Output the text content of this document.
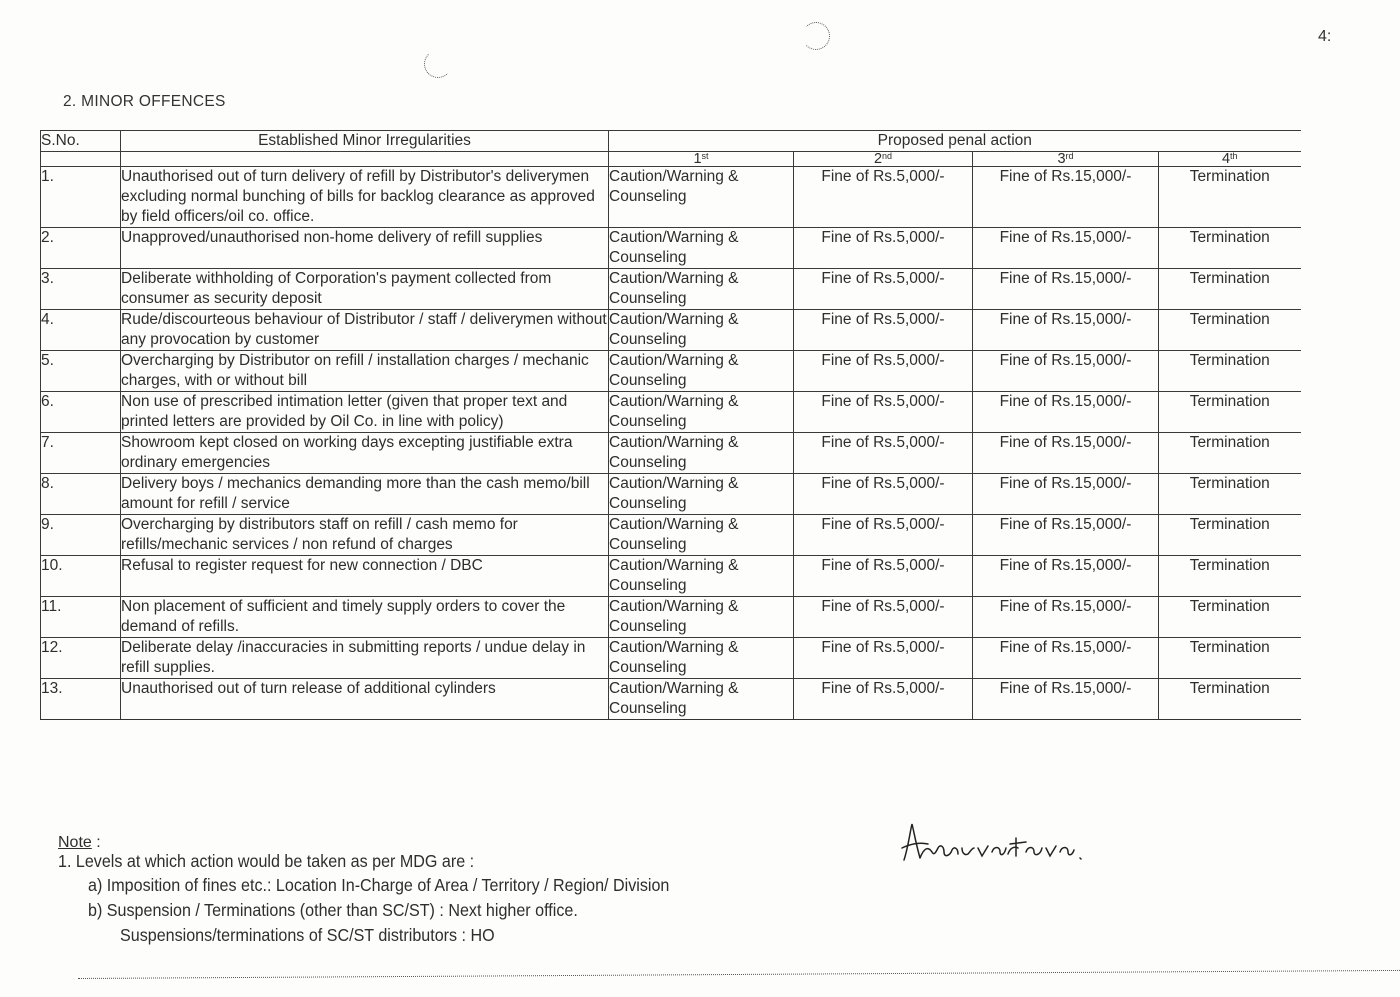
4:
2. MINOR OFFENCES
S.No.	Established Minor Irregularities	Proposed penal action			
		1st	2nd	3rd	4th
1.	Unauthorised out of turn delivery of refill by Distributor's deliverymen excluding normal bunching of bills for backlog clearance as approved by field officers/oil co. office.	Caution/Warning & Counseling	Fine of Rs.5,000/-	Fine of Rs.15,000/-	Termination
2.	Unapproved/unauthorised non-home delivery of refill supplies	Caution/Warning & Counseling	Fine of Rs.5,000/-	Fine of Rs.15,000/-	Termination
3.	Deliberate withholding of Corporation's payment collected from consumer as security deposit	Caution/Warning & Counseling	Fine of Rs.5,000/-	Fine of Rs.15,000/-	Termination
4.	Rude/discourteous behaviour of Distributor / staff / deliverymen without any provocation by customer	Caution/Warning & Counseling	Fine of Rs.5,000/-	Fine of Rs.15,000/-	Termination
5.	Overcharging by Distributor on refill / installation charges / mechanic charges, with or without bill	Caution/Warning & Counseling	Fine of Rs.5,000/-	Fine of Rs.15,000/-	Termination
6.	Non use of prescribed intimation letter (given that proper text and printed letters are provided by Oil Co. in line with policy)	Caution/Warning & Counseling	Fine of Rs.5,000/-	Fine of Rs.15,000/-	Termination
7.	Showroom kept closed on working days excepting justifiable extra ordinary emergencies	Caution/Warning & Counseling	Fine of Rs.5,000/-	Fine of Rs.15,000/-	Termination
8.	Delivery boys / mechanics demanding more than the cash memo/bill amount for refill / service	Caution/Warning & Counseling	Fine of Rs.5,000/-	Fine of Rs.15,000/-	Termination
9.	Overcharging by distributors staff on refill / cash memo for refills/mechanic services / non refund of charges	Caution/Warning & Counseling	Fine of Rs.5,000/-	Fine of Rs.15,000/-	Termination
10.	Refusal to register request for new connection / DBC	Caution/Warning & Counseling	Fine of Rs.5,000/-	Fine of Rs.15,000/-	Termination
11.	Non placement of sufficient and timely supply orders to cover the demand of refills.	Caution/Warning & Counseling	Fine of Rs.5,000/-	Fine of Rs.15,000/-	Termination
12.	Deliberate delay /inaccuracies in submitting reports / undue delay in refill supplies.	Caution/Warning & Counseling	Fine of Rs.5,000/-	Fine of Rs.15,000/-	Termination
13.	Unauthorised out of turn release of additional cylinders	Caution/Warning & Counseling	Fine of Rs.5,000/-	Fine of Rs.15,000/-	Termination
Note :
1. Levels at which action would be taken as per MDG are :
a) Imposition of fines etc.: Location In-Charge of Area / Territory / Region/ Division
b) Suspension / Terminations (other than SC/ST) : Next higher office.
Suspensions/terminations of SC/ST distributors : HO
